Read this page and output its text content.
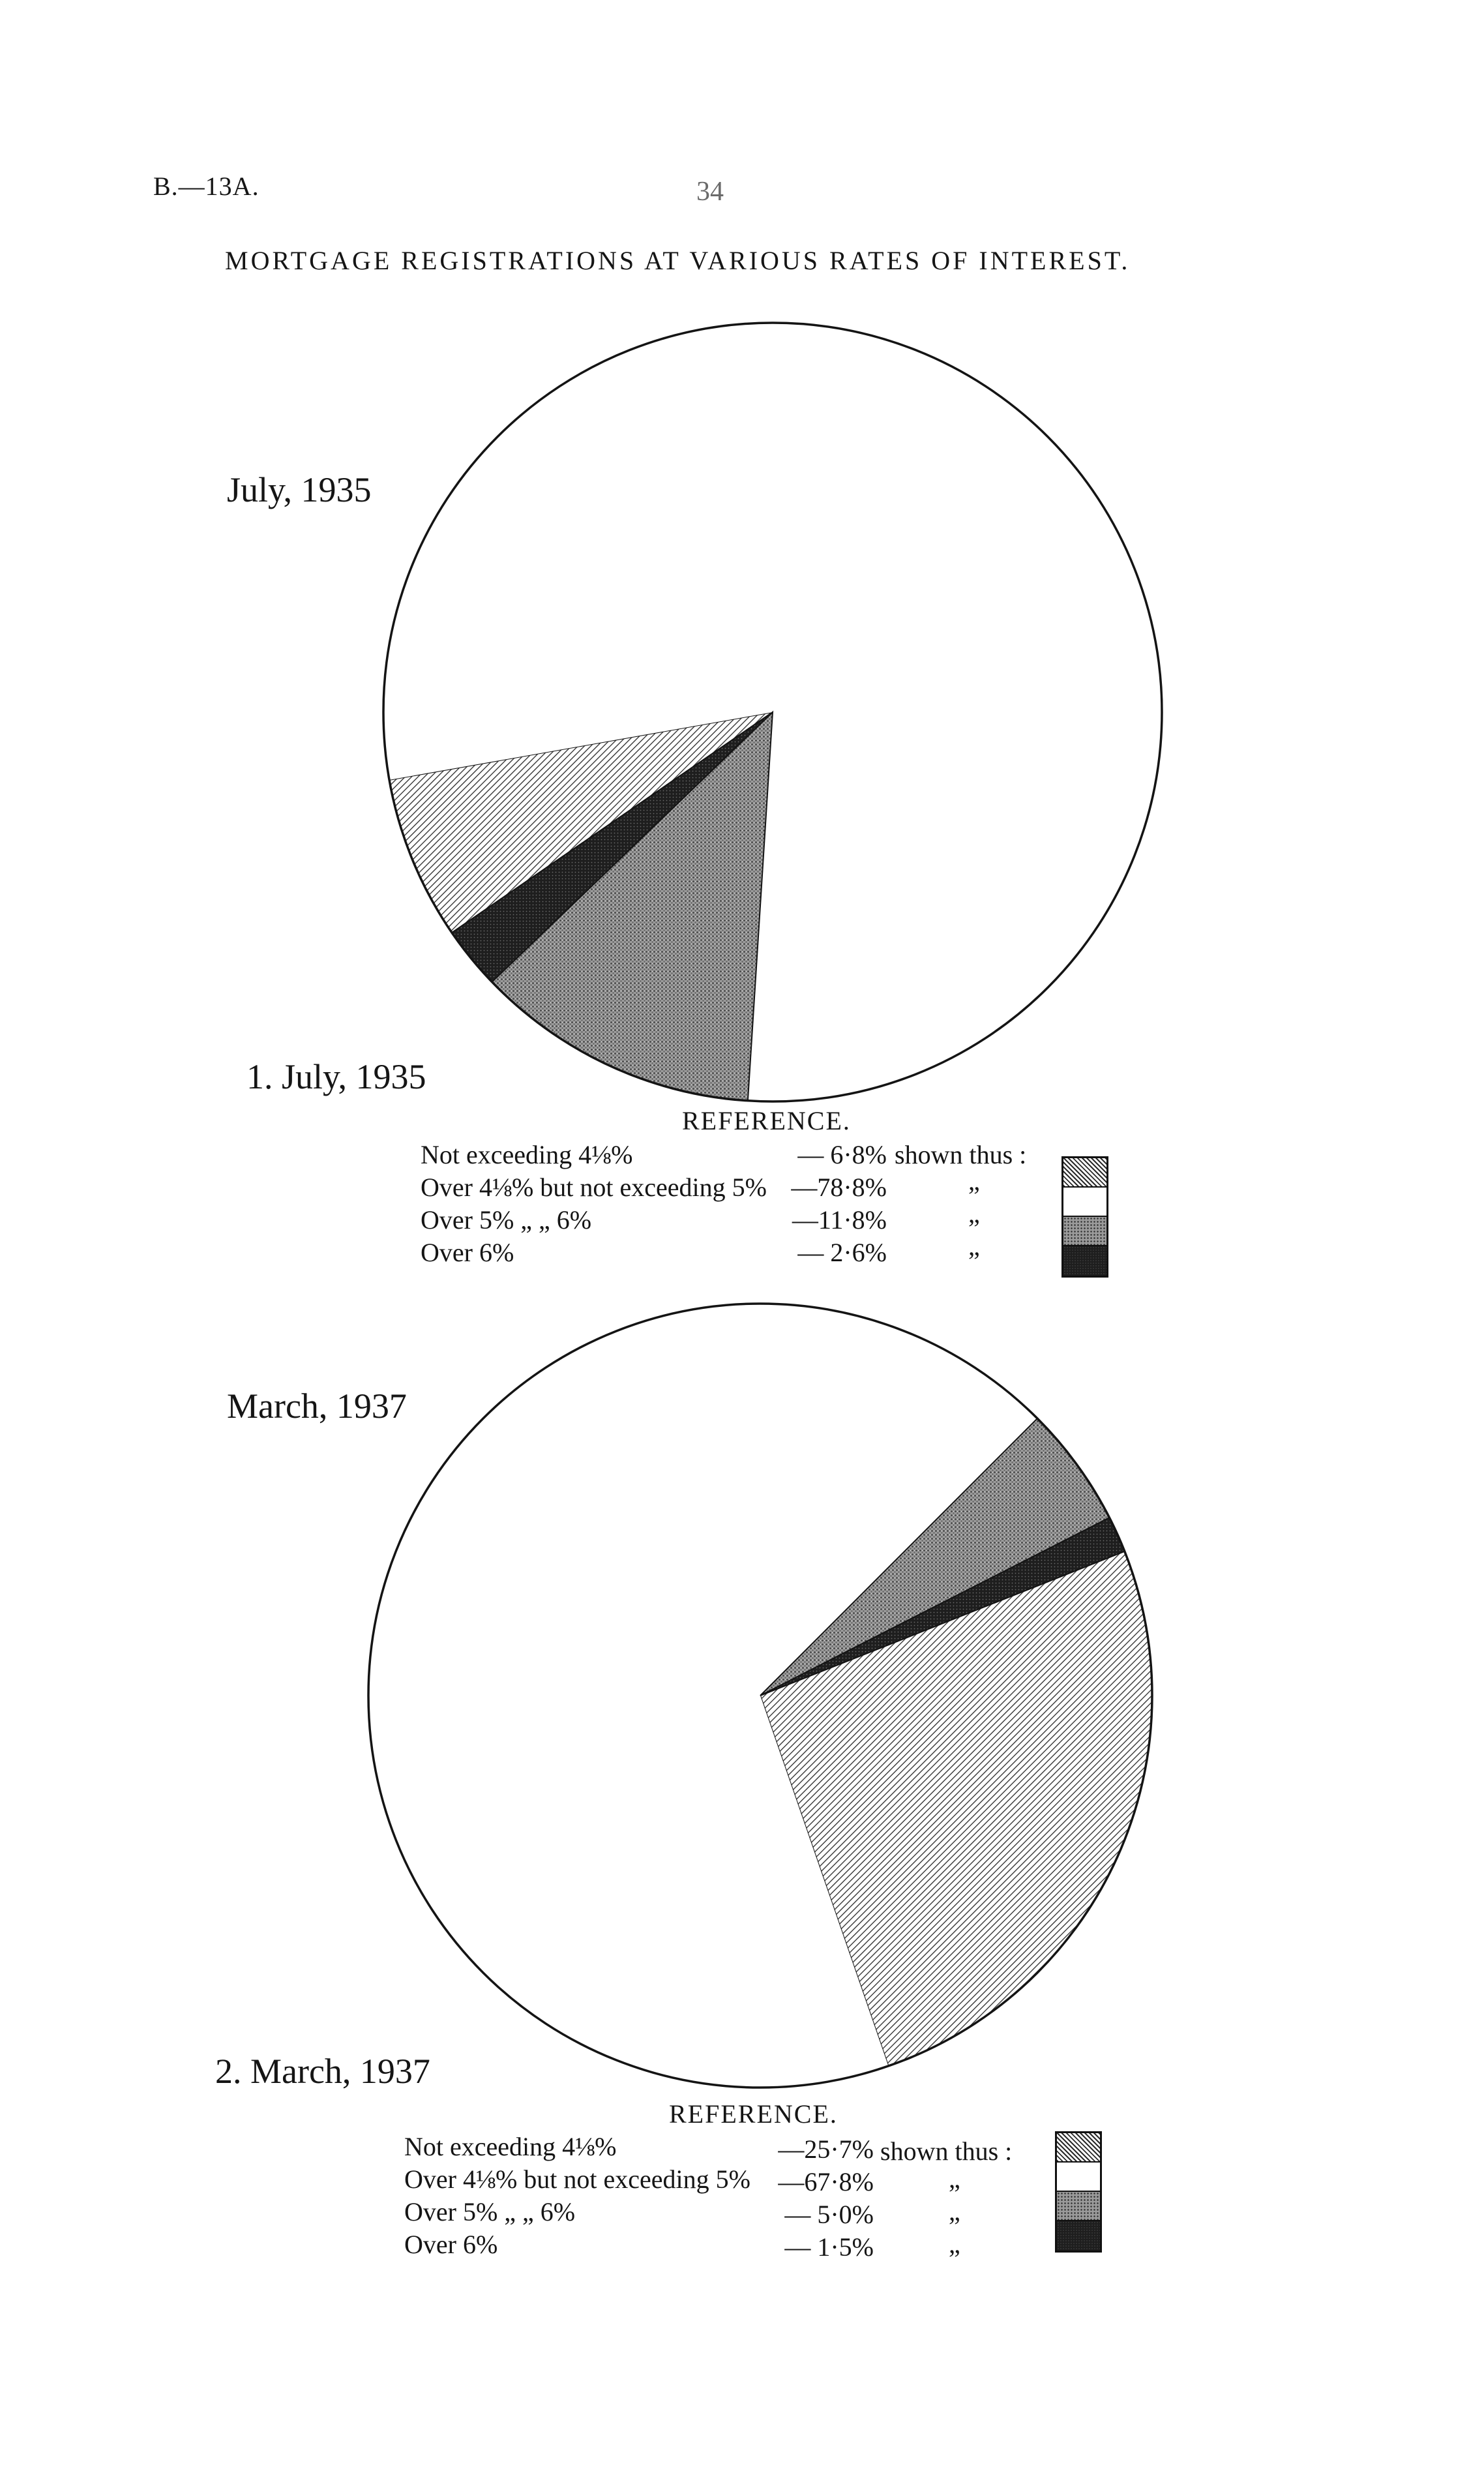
B.—13A.	34
MORTGAGE REGISTRATIONS AT VARIOUS RATES OF INTEREST.
July, 1935
1. July, 1935
REFERENCE.
Not exceeding 4⅛%	— 6·8% shown thus :
Over 4⅛% but not exceeding 5% —78·8%	”
Over 5% „ „ 6%	—11·8%	”
Over 6%	— 2·6%	”
March, 1937
2. March, 1937
REFERENCE.
Not exceeding 4⅛%	—25·7% shown thus :
Over 4⅛% but not exceeding 5%	—67·8%	”
Over 5% „ „ 6%	— 5·0%	”
Over 6%	— 1·5%	”
